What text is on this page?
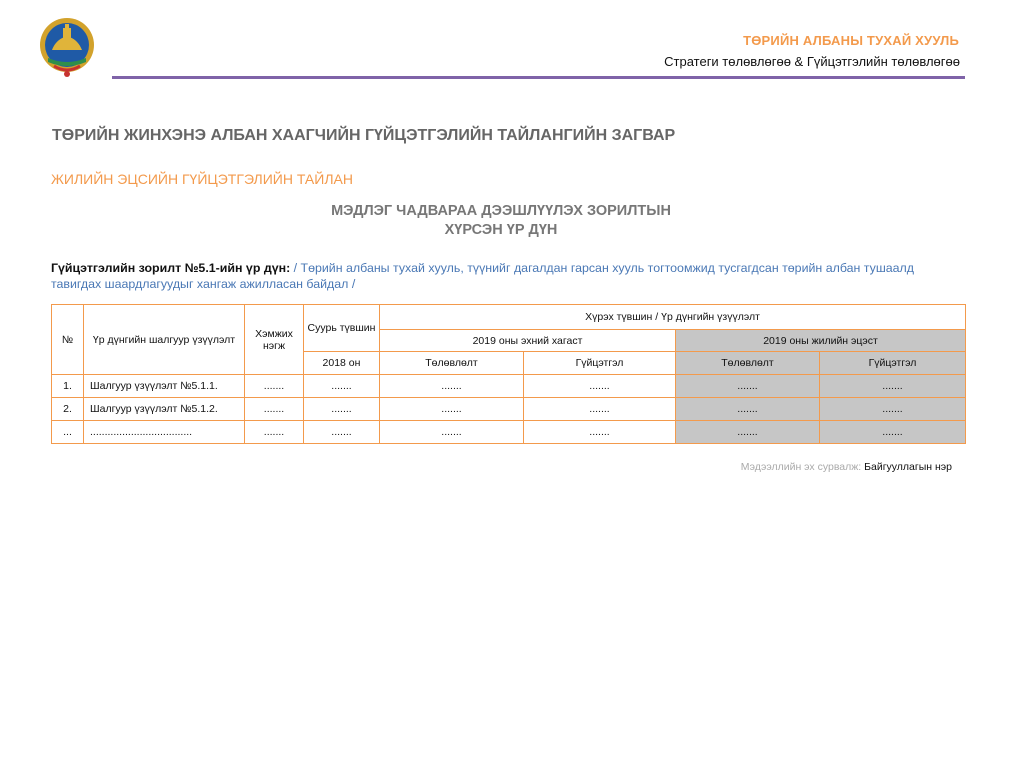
ТӨРИЙН АЛБАНЫ ТУХАЙ ХУУЛЬ
Стратеги төлөвлөгөө & Гүйцэтгэлийн төлөвлөгөө
ТӨРИЙН ЖИНХЭНЭ АЛБАН ХААГЧИЙН ГҮЙЦЭТГЭЛИЙН ТАЙЛАНГИЙН ЗАГВАР
ЖИЛИЙН ЭЦСИЙН ГҮЙЦЭТГЭЛИЙН ТАЙЛАН
МЭДЛЭГ ЧАДВАРАА ДЭЭШЛҮҮЛЭХ ЗОРИЛТЫН
ХҮРСЭН ҮР ДҮН
Гүйцэтгэлийн зорилт №5.1-ийн үр дүн: / Төрийн албаны тухай хууль, түүнийг дагалдан гарсан хууль тогтоомжид тусгагдсан төрийн албан тушаалд тавигдах шаардлагуудыг хангаж ажилласан байдал /
№	Үр дүнгийн шалгуур үзүүлэлт	Хэмжих нэгж	Суурь түвшин	Хүрэх түвшин / Үр дүнгийн үзүүлэлт			
				2019 оны эхний хагаст		2019 оны жилийн эцэст	
			2018 он	Төлөвлөлт	Гүйцэтгэл	Төлөвлөлт	Гүйцэтгэл
1.	Шалгуур үзүүлэлт №5.1.1.	.......	.......	.......	.......	.......	.......
2.	Шалгуур үзүүлэлт №5.1.2.	.......	.......	.......	.......	.......	.......
...	...................................	.......	.......	.......	.......	.......	.......
Мэдээллийн эх сурвалж: Байгууллагын нэр
